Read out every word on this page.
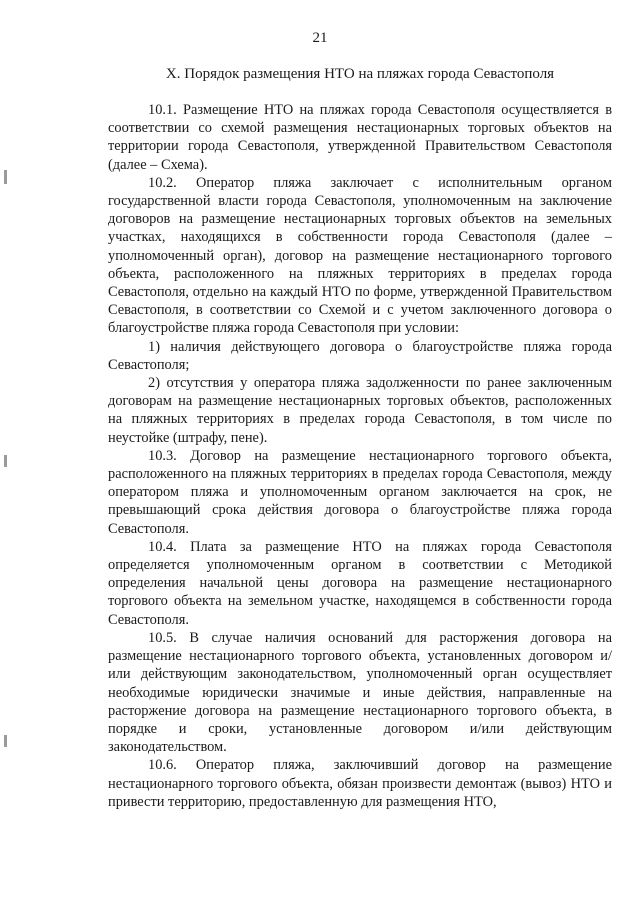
21
X. Порядок размещения НТО на пляжах города Севастополя

10.1. Размещение НТО на пляжах города Севастополя осуществляется в соответствии со схемой размещения нестационарных торговых объектов на территории города Севастополя, утвержденной Правительством Севастополя (далее – Схема).

10.2. Оператор пляжа заключает с исполнительным органом государственной власти города Севастополя, уполномоченным на заключение договоров на размещение нестационарных торговых объектов на земельных участках, находящихся в собственности города Севастополя (далее – уполномоченный орган), договор на размещение нестационарного торгового объекта, расположенного на пляжных территориях в пределах города Севастополя, отдельно на каждый НТО по форме, утвержденной Правительством Севастополя, в соответствии со Схемой и с учетом заключенного договора о благоустройстве пляжа города Севастополя при условии:

1) наличия действующего договора о благоустройстве пляжа города Севастополя;

2) отсутствия у оператора пляжа задолженности по ранее заключенным договорам на размещение нестационарных торговых объектов, расположенных на пляжных территориях в пределах города Севастополя, в том числе по неустойке (штрафу, пене).

10.3. Договор на размещение нестационарного торгового объекта, расположенного на пляжных территориях в пределах города Севастополя, между оператором пляжа и уполномоченным органом заключается на срок, не превышающий срока действия договора о благоустройстве пляжа города Севастополя.

10.4. Плата за размещение НТО на пляжах города Севастополя определяется уполномоченным органом в соответствии с Методикой определения начальной цены договора на размещение нестационарного торгового объекта на земельном участке, находящемся в собственности города Севастополя.

10.5. В случае наличия оснований для расторжения договора на размещение нестационарного торгового объекта, установленных договором и/или действующим законодательством, уполномоченный орган осуществляет необходимые юридически значимые и иные действия, направленные на расторжение договора на размещение нестационарного торгового объекта, в порядке и сроки, установленные договором и/или действующим законодательством.

10.6. Оператор пляжа, заключивший договор на размещение нестационарного торгового объекта, обязан произвести демонтаж (вывоз) НТО и привести территорию, предоставленную для размещения НТО,
